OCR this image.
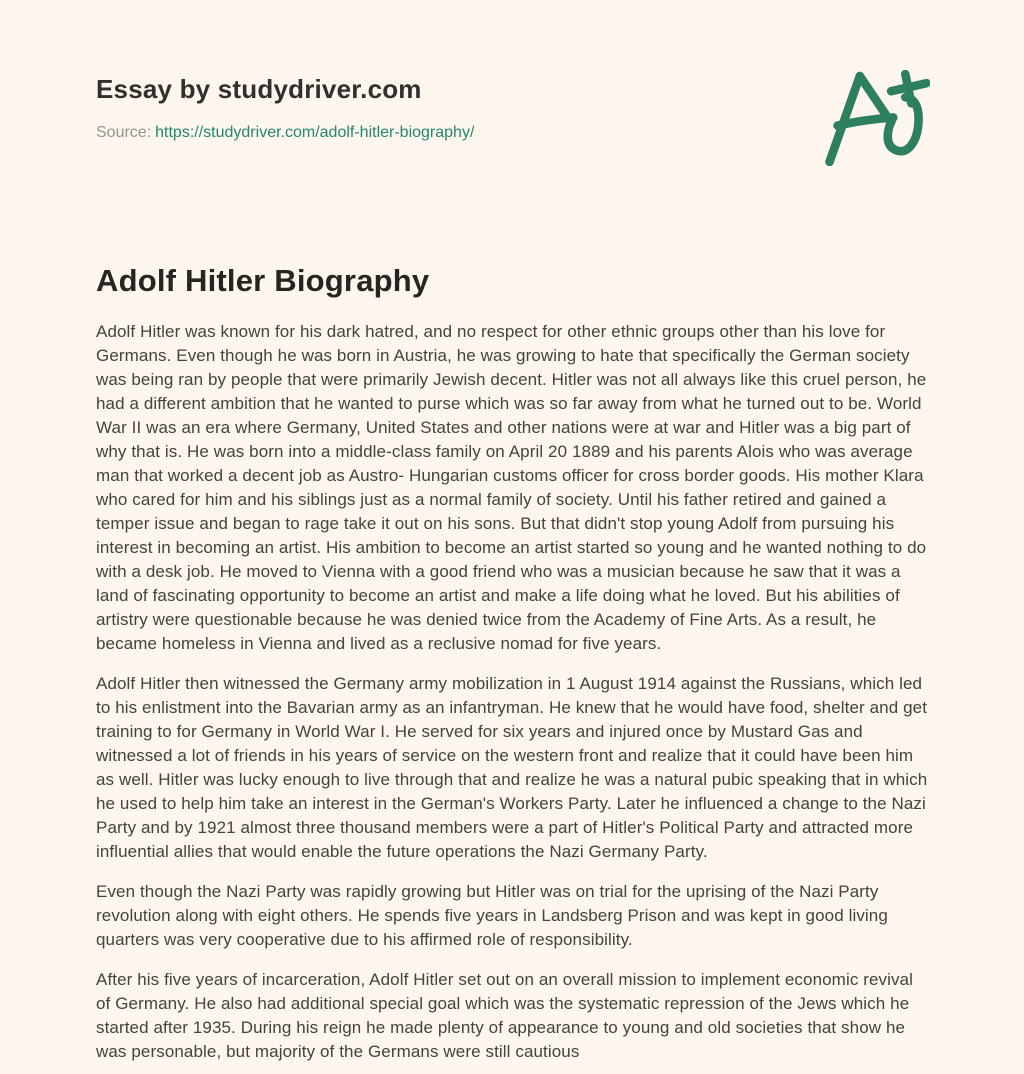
Essay by studydriver.com

Source: https://studydriver.com/adolf-hitler-biography/

Adolf Hitler Biography

Adolf Hitler was known for his dark hatred, and no respect for other ethnic groups other than his love for Germans. Even though he was born in Austria, he was growing to hate that specifically the German society was being ran by people that were primarily Jewish decent. Hitler was not all always like this cruel person, he had a different ambition that he wanted to purse which was so far away from what he turned out to be. World War II was an era where Germany, United States and other nations were at war and Hitler was a big part of why that is. He was born into a middle-class family on April 20 1889 and his parents Alois who was average man that worked a decent job as Austro- Hungarian customs officer for cross border goods. His mother Klara who cared for him and his siblings just as a normal family of society. Until his father retired and gained a temper issue and began to rage take it out on his sons. But that didn't stop young Adolf from pursuing his interest in becoming an artist. His ambition to become an artist started so young and he wanted nothing to do with a desk job. He moved to Vienna with a good friend who was a musician because he saw that it was a land of fascinating opportunity to become an artist and make a life doing what he loved. But his abilities of artistry were questionable because he was denied twice from the Academy of Fine Arts. As a result, he became homeless in Vienna and lived as a reclusive nomad for five years.

Adolf Hitler then witnessed the Germany army mobilization in 1 August 1914 against the Russians, which led to his enlistment into the Bavarian army as an infantryman. He knew that he would have food, shelter and get training to for Germany in World War I. He served for six years and injured once by Mustard Gas and witnessed a lot of friends in his years of service on the western front and realize that it could have been him as well. Hitler was lucky enough to live through that and realize he was a natural pubic speaking that in which he used to help him take an interest in the German's Workers Party. Later he influenced a change to the Nazi Party and by 1921 almost three thousand members were a part of Hitler's Political Party and attracted more influential allies that would enable the future operations the Nazi Germany Party.

Even though the Nazi Party was rapidly growing but Hitler was on trial for the uprising of the Nazi Party revolution along with eight others. He spends five years in Landsberg Prison and was kept in good living quarters was very cooperative due to his affirmed role of responsibility.

After his five years of incarceration, Adolf Hitler set out on an overall mission to implement economic revival of Germany. He also had additional special goal which was the systematic repression of the Jews which he started after 1935. During his reign he made plenty of appearance to young and old societies that show he was personable, but majority of the Germans were still cautious
